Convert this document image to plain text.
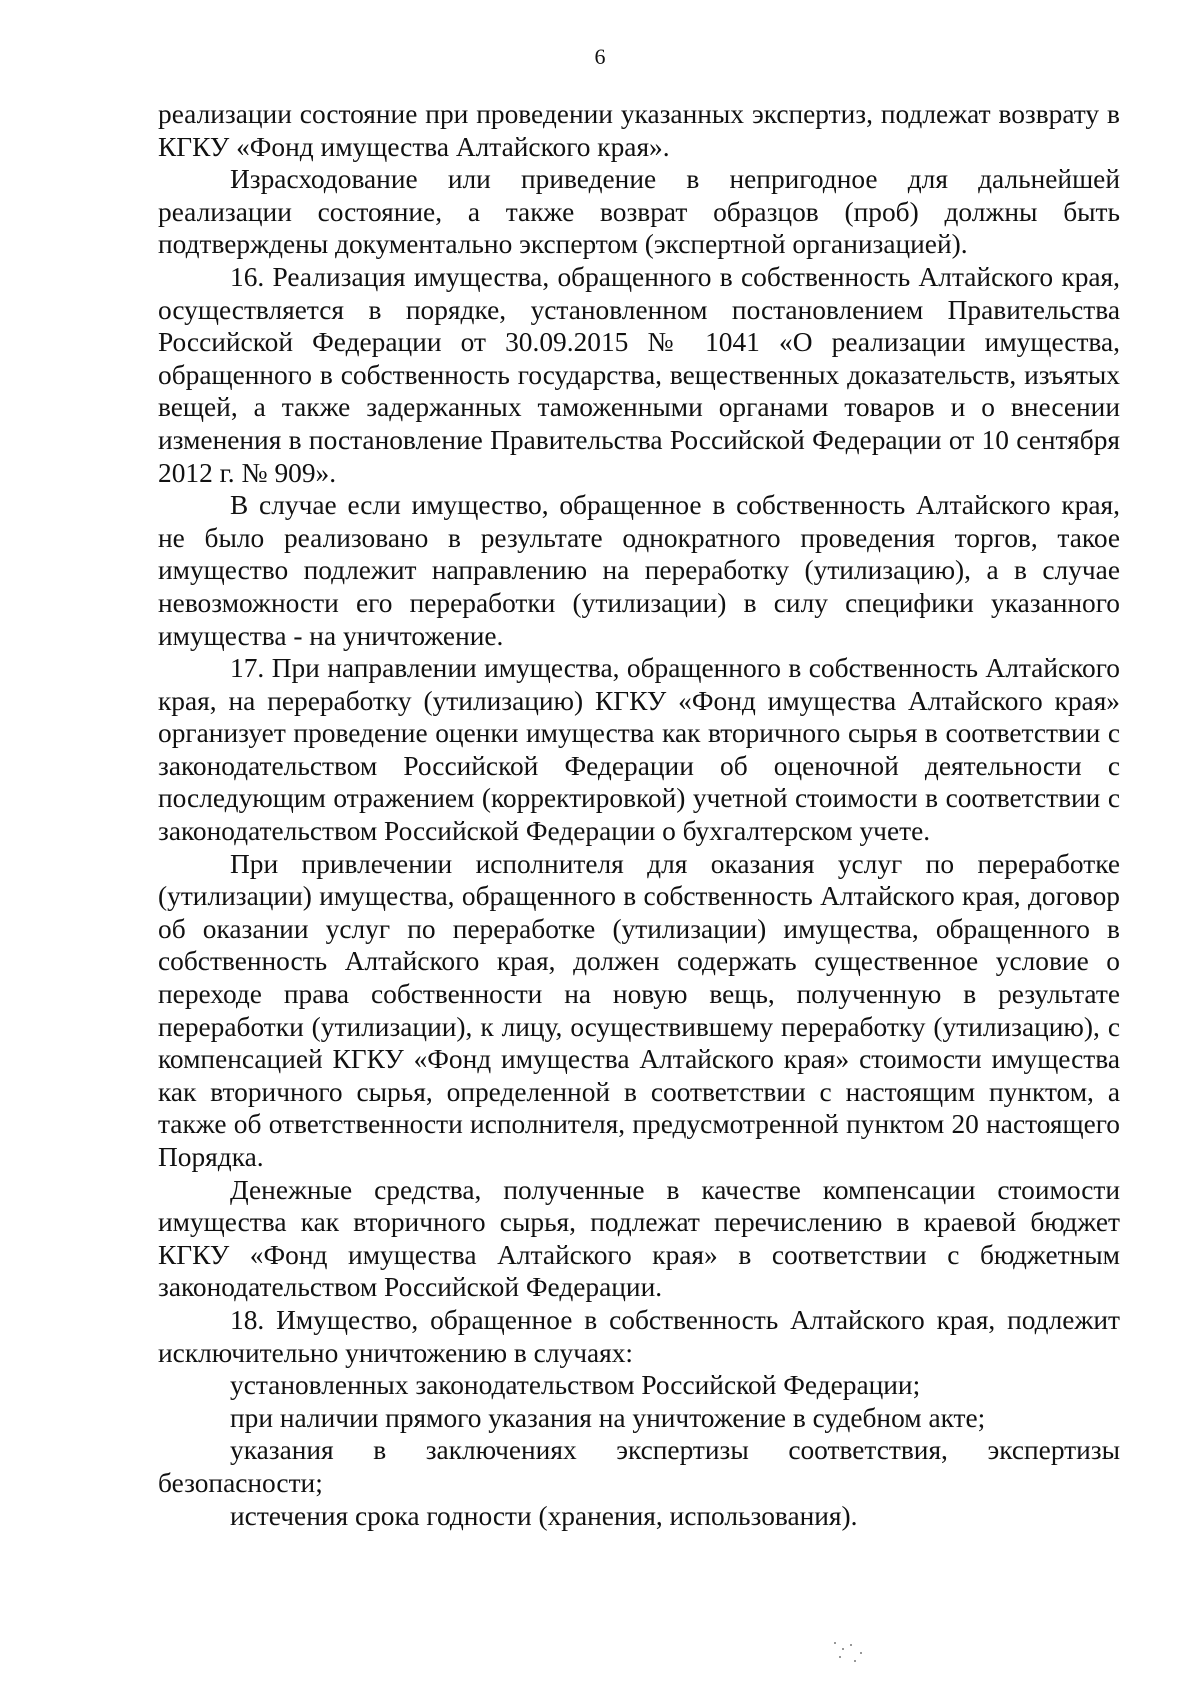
6

реализации состояние при проведении указанных экспертиз, подлежат возврату в КГКУ «Фонд имущества Алтайского края».

Израсходование или приведение в непригодное для дальнейшей реализации состояние, а также возврат образцов (проб) должны быть подтверждены документально экспертом (экспертной организацией).

16. Реализация имущества, обращенного в собственность Алтайского края, осуществляется в порядке, установленном постановлением Правительства Российской Федерации от 30.09.2015 № 1041 «О реализации имущества, обращенного в собственность государства, вещественных доказательств, изъятых вещей, а также задержанных таможенными органами товаров и о внесении изменения в постановление Правительства Российской Федерации от 10 сентября 2012 г. № 909».

В случае если имущество, обращенное в собственность Алтайского края, не было реализовано в результате однократного проведения торгов, такое имущество подлежит направлению на переработку (утилизацию), а в случае невозможности его переработки (утилизации) в силу специфики указанного имущества - на уничтожение.

17. При направлении имущества, обращенного в собственность Алтайского края, на переработку (утилизацию) КГКУ «Фонд имущества Алтайского края» организует проведение оценки имущества как вторичного сырья в соответствии с законодательством Российской Федерации об оценочной деятельности с последующим отражением (корректировкой) учетной стоимости в соответствии с законодательством Российской Федерации о бухгалтерском учете.

При привлечении исполнителя для оказания услуг по переработке (утилизации) имущества, обращенного в собственность Алтайского края, договор об оказании услуг по переработке (утилизации) имущества, обращенного в собственность Алтайского края, должен содержать существенное условие о переходе права собственности на новую вещь, полученную в результате переработки (утилизации), к лицу, осуществившему переработку (утилизацию), с компенсацией КГКУ «Фонд имущества Алтайского края» стоимости имущества как вторичного сырья, определенной в соответствии с настоящим пунктом, а также об ответственности исполнителя, предусмотренной пунктом 20 настоящего Порядка.

Денежные средства, полученные в качестве компенсации стоимости имущества как вторичного сырья, подлежат перечислению в краевой бюджет КГКУ «Фонд имущества Алтайского края» в соответствии с бюджетным законодательством Российской Федерации.

18. Имущество, обращенное в собственность Алтайского края, подлежит исключительно уничтожению в случаях:

установленных законодательством Российской Федерации;

при наличии прямого указания на уничтожение в судебном акте;

указания в заключениях экспертизы соответствия, экспертизы безопасности;

истечения срока годности (хранения, использования).
